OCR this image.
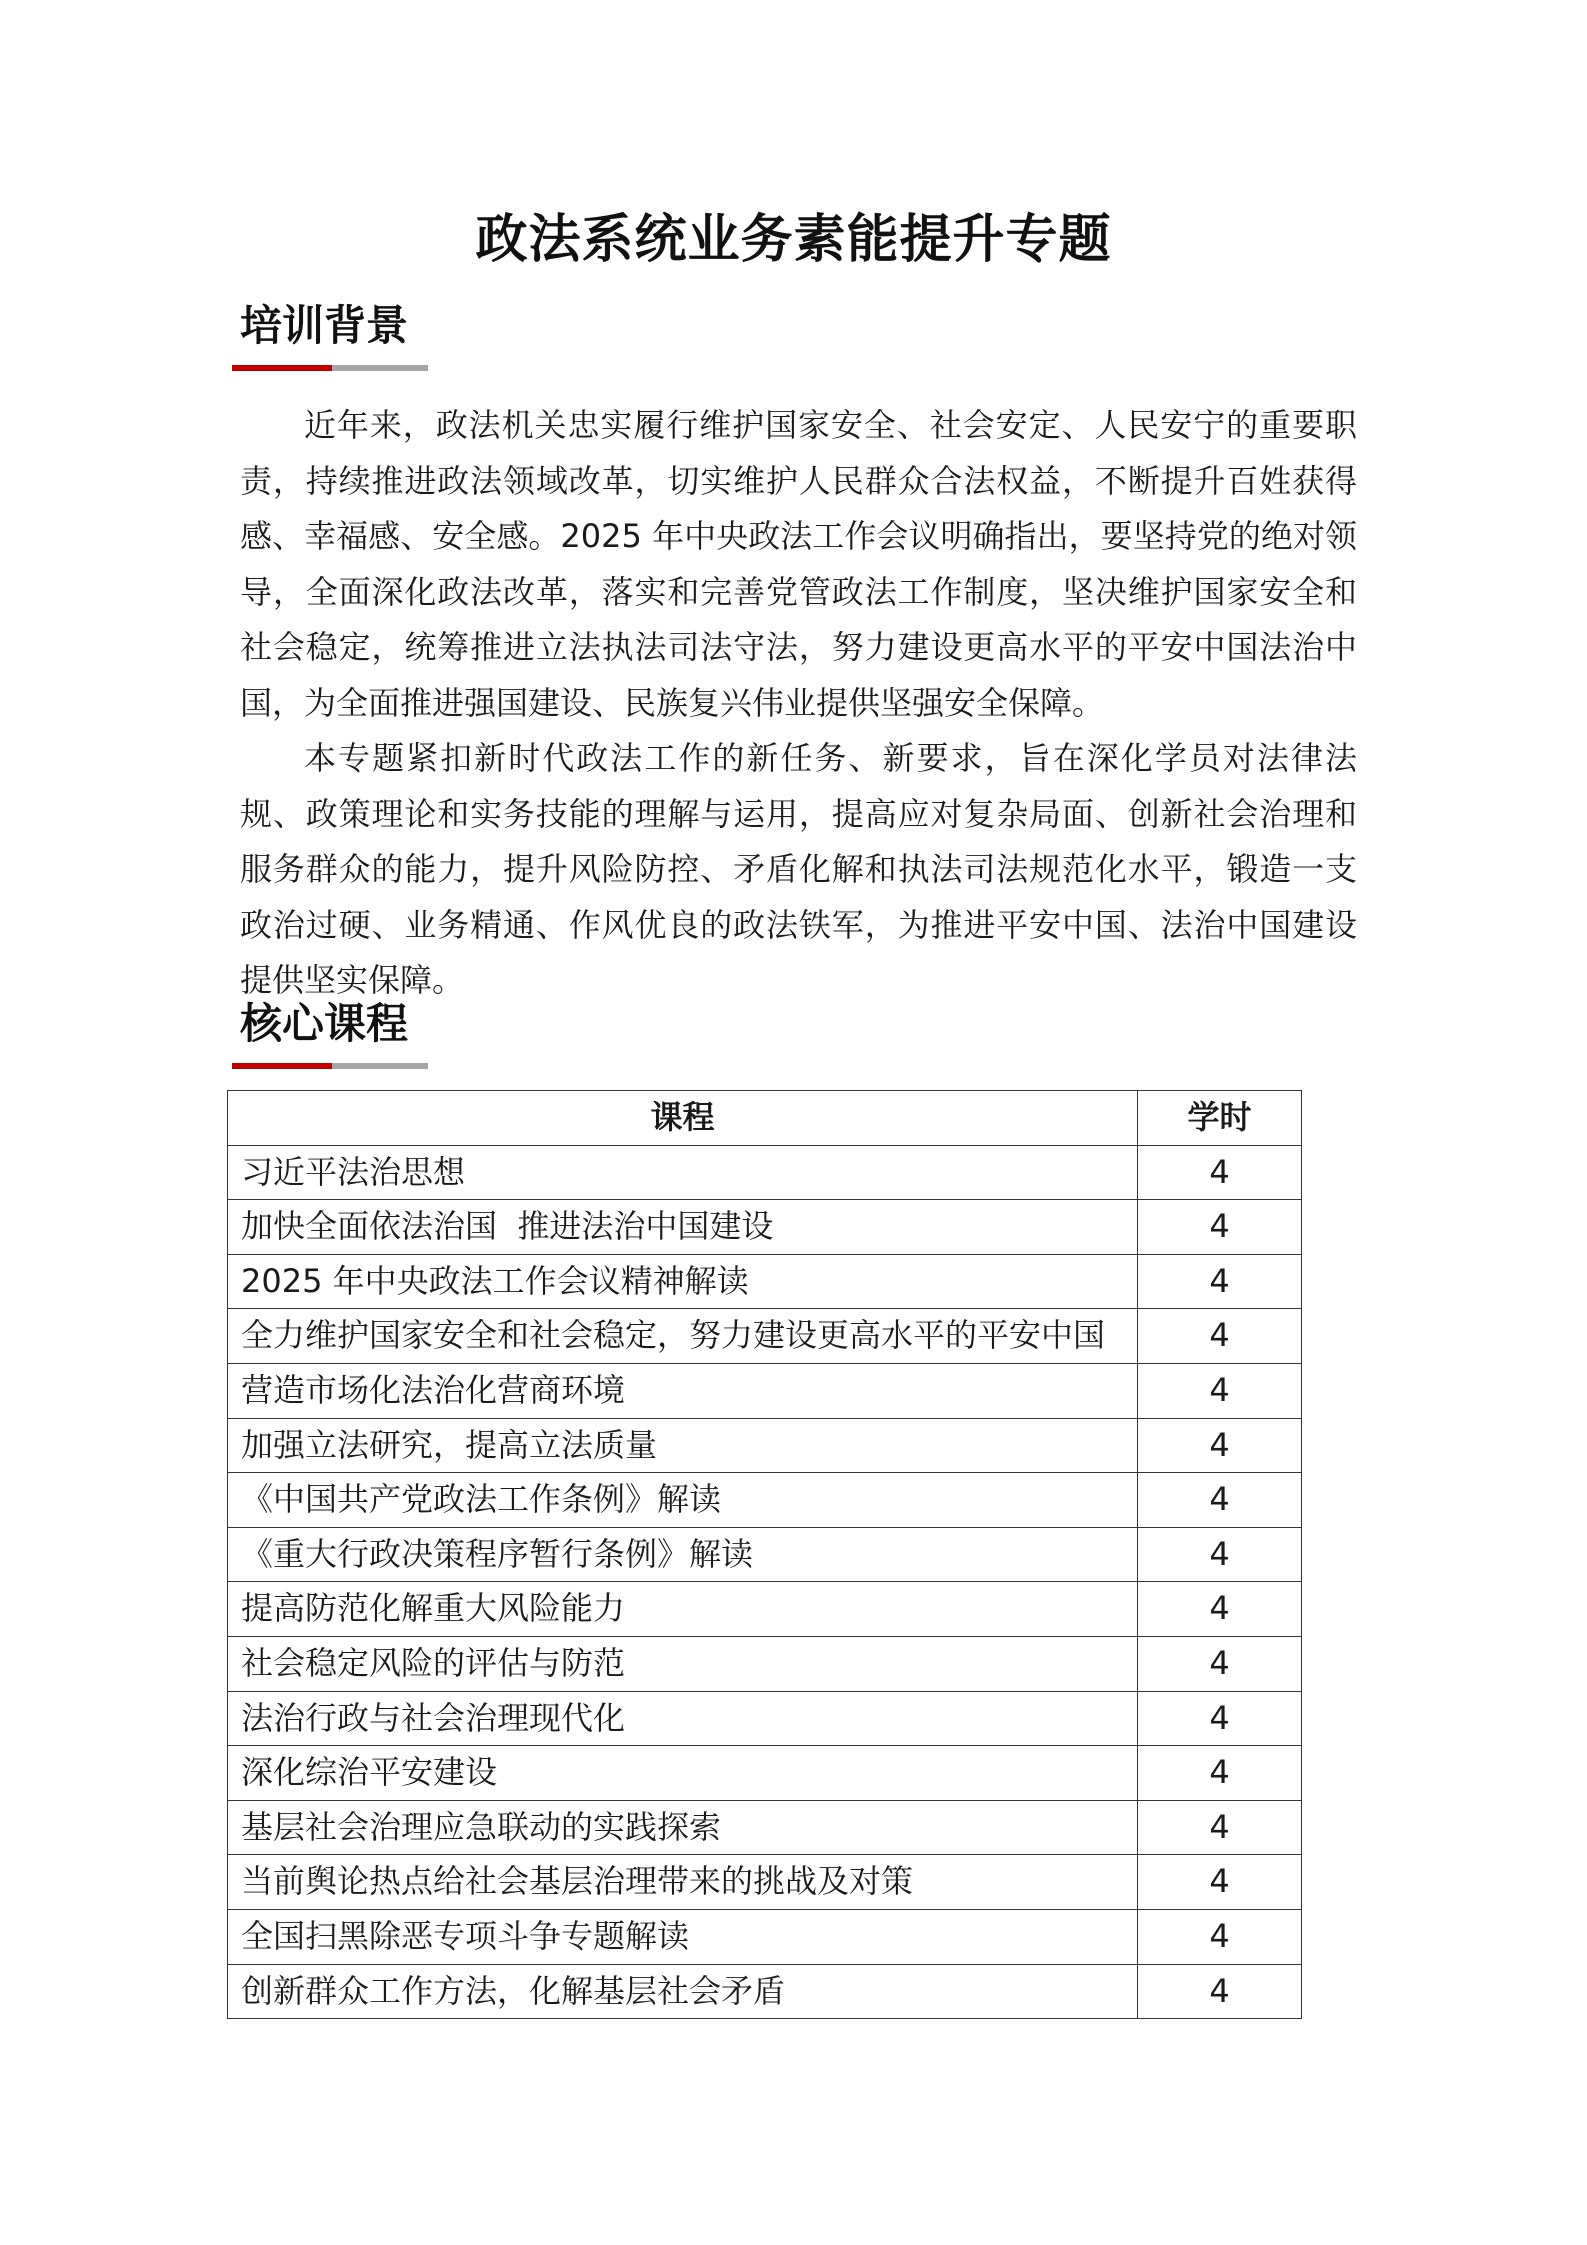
政法系统业务素能提升专题
培训背景

近年来，政法机关忠实履行维护国家安全、社会安定、人民安宁的重要职责，持续推进政法领域改革，切实维护人民群众合法权益，不断提升百姓获得感、幸福感、安全感。2025 年中央政法工作会议明确指出，要坚持党的绝对领导，全面深化政法改革，落实和完善党管政法工作制度，坚决维护国家安全和社会稳定，统筹推进立法执法司法守法，努力建设更高水平的平安中国法治中国，为全面推进强国建设、民族复兴伟业提供坚强安全保障。

本专题紧扣新时代政法工作的新任务、新要求，旨在深化学员对法律法规、政策理论和实务技能的理解与运用，提高应对复杂局面、创新社会治理和服务群众的能力，提升风险防控、矛盾化解和执法司法规范化水平，锻造一支政治过硬、业务精通、作风优良的政法铁军，为推进平安中国、法治中国建设提供坚实保障。

核心课程
课程	学时
习近平法治思想	4
加快全面依法治国  推进法治中国建设	4
2025 年中央政法工作会议精神解读	4
全力维护国家安全和社会稳定，努力建设更高水平的平安中国	4
营造市场化法治化营商环境	4
加强立法研究，提高立法质量	4
《中国共产党政法工作条例》解读	4
《重大行政决策程序暂行条例》解读	4
提高防范化解重大风险能力	4
社会稳定风险的评估与防范	4
法治行政与社会治理现代化	4
深化综治平安建设	4
基层社会治理应急联动的实践探索	4
当前舆论热点给社会基层治理带来的挑战及对策	4
全国扫黑除恶专项斗争专题解读	4
创新群众工作方法，化解基层社会矛盾	4
